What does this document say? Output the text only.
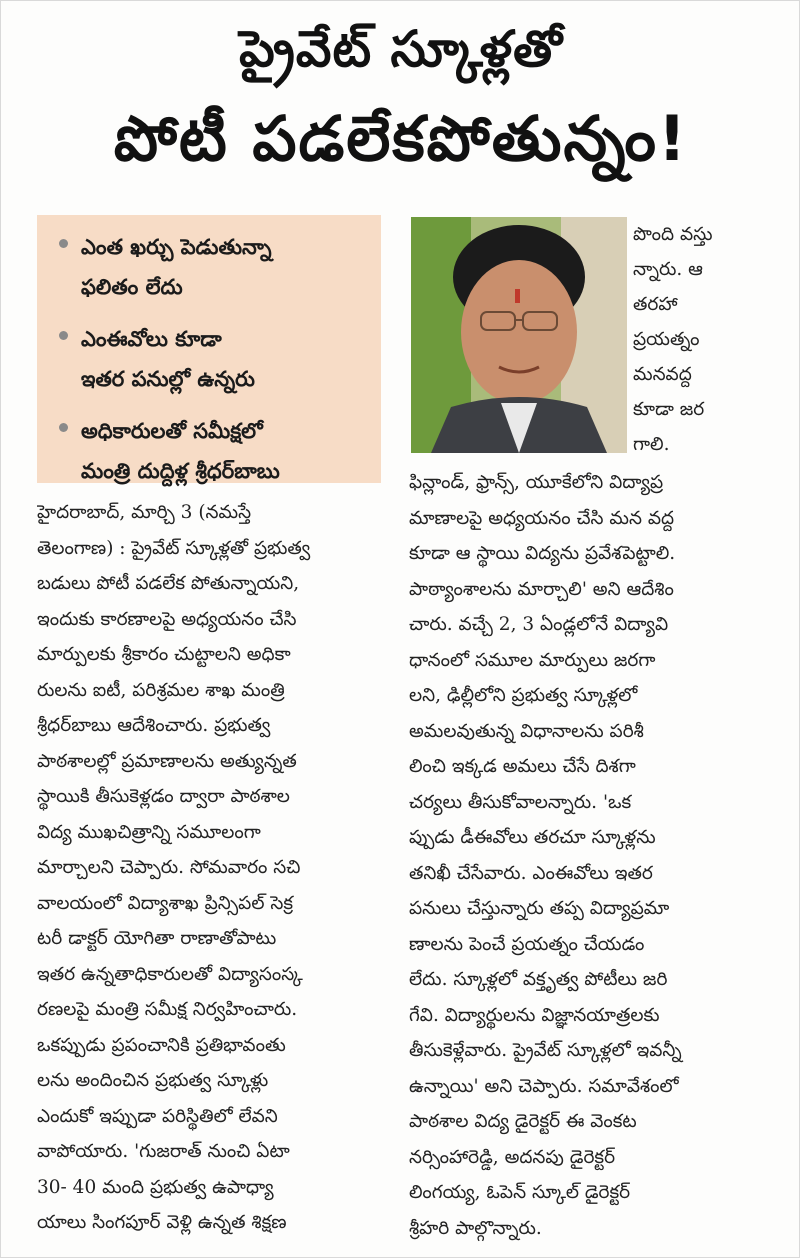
ప్రైవేట్ స్కూళ్లతో
పోటీ పడలేకపోతున్నం!
ఎంత ఖర్చు పెడుతున్నా
ఫలితం లేదు
ఎంఈవోలు కూడా
ఇతర పనుల్లో ఉన్నరు
అధికారులతో సమీక్షలో
మంత్రి దుద్దిళ్ల శ్రీధర్‌బాబు
పొంది వస్తు
న్నారు. ఆ
తరహా
ప్రయత్నం
మనవద్ద
కూడా జర
గాలి.

హైదరాబాద్, మార్చి 3 (నమస్తే
తెలంగాణ) : ప్రైవేట్ స్కూళ్లతో ప్రభుత్వ
బడులు పోటీ పడలేక పోతున్నాయని,
ఇందుకు కారణాలపై అధ్యయనం చేసి
మార్పులకు శ్రీకారం చుట్టాలని అధికా
రులను ఐటీ, పరిశ్రమల శాఖ మంత్రి
శ్రీధర్‌బాబు ఆదేశించారు. ప్రభుత్వ
పాఠశాలల్లో ప్రమాణాలను అత్యున్నత
స్థాయికి తీసుకెళ్లడం ద్వారా పాఠశాల
విద్య ముఖచిత్రాన్ని సమూలంగా
మార్చాలని చెప్పారు. సోమవారం సచి
వాలయంలో విద్యాశాఖ ప్రిన్సిపల్ సెక్ర
టరీ డాక్టర్ యోగితా రాణాతోపాటు
ఇతర ఉన్నతాధికారులతో విద్యాసంస్క
రణలపై మంత్రి సమీక్ష నిర్వహించారు.
ఒకప్పుడు ప్రపంచానికి ప్రతిభావంతు
లను అందించిన ప్రభుత్వ స్కూళ్లు
ఎందుకో ఇప్పుడా పరిస్థితిలో లేవని
వాపోయారు. 'గుజరాత్ నుంచి ఏటా
30- 40 మంది ప్రభుత్వ ఉపాధ్యా
యాలు సింగపూర్ వెళ్లి ఉన్నత శిక్షణ

ఫిన్లాండ్, ఫ్రాన్స్, యూకేలోని విద్యాప్ర
మాణాలపై అధ్యయనం చేసి మన వద్ద
కూడా ఆ స్థాయి విద్యను ప్రవేశపెట్టాలి.
పాఠ్యాంశాలను మార్చాలి' అని ఆదేశిం
చారు. వచ్చే 2, 3 ఏండ్లలోనే విద్యావి
ధానంలో సమూల మార్పులు జరగా
లని, ఢిల్లీలోని ప్రభుత్వ స్కూళ్లలో
అమలవుతున్న విధానాలను పరిశీ
లించి ఇక్కడ అమలు చేసే దిశగా
చర్యలు తీసుకోవాలన్నారు. 'ఒక
ప్పుడు డీఈవోలు తరచూ స్కూళ్లను
తనిఖీ చేసేవారు. ఎంఈవోలు ఇతర
పనులు చేస్తున్నారు తప్ప విద్యాప్రమా
ణాలను పెంచే ప్రయత్నం చేయడం
లేదు. స్కూళ్లలో వక్తృత్వ పోటీలు జరి
గేవి. విద్యార్థులను విజ్ఞానయాత్రలకు
తీసుకెళ్లేవారు. ప్రైవేట్ స్కూళ్లలో ఇవన్నీ
ఉన్నాయి' అని చెప్పారు. సమావేశంలో
పాఠశాల విద్య డైరెక్టర్ ఈ వెంకట
నర్సింహారెడ్డి, అదనపు డైరెక్టర్
లింగయ్య, ఓపెన్ స్కూల్ డైరెక్టర్
శ్రీహరి పాల్గొన్నారు.
